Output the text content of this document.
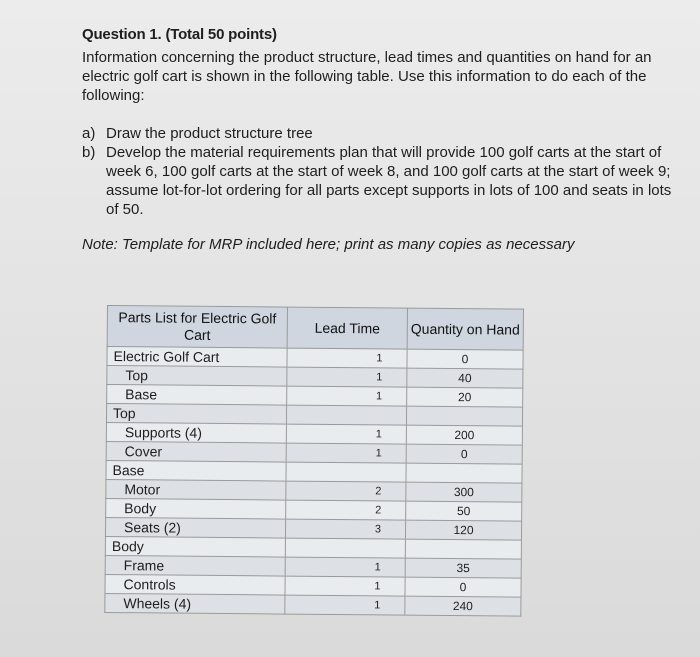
Question 1. (Total 50 points)
Information concerning the product structure, lead times and quantities on hand for an electric golf cart is shown in the following table. Use this information to do each of the following:
a) Draw the product structure tree
b) Develop the material requirements plan that will provide 100 golf carts at the start of week 6, 100 golf carts at the start of week 8, and 100 golf carts at the start of week 9; assume lot-for-lot ordering for all parts except supports in lots of 100 and seats in lots of 50.
Note: Template for MRP included here; print as many copies as necessary
Parts List for Electric Golf Cart	Lead Time	Quantity on Hand
Electric Golf Cart	1	0
Top	1	40
Base	1	20
Top		
Supports (4)	1	200
Cover	1	0
Base		
Motor	2	300
Body	2	50
Seats (2)	3	120
Body		
Frame	1	35
Controls	1	0
Wheels (4)	1	240
